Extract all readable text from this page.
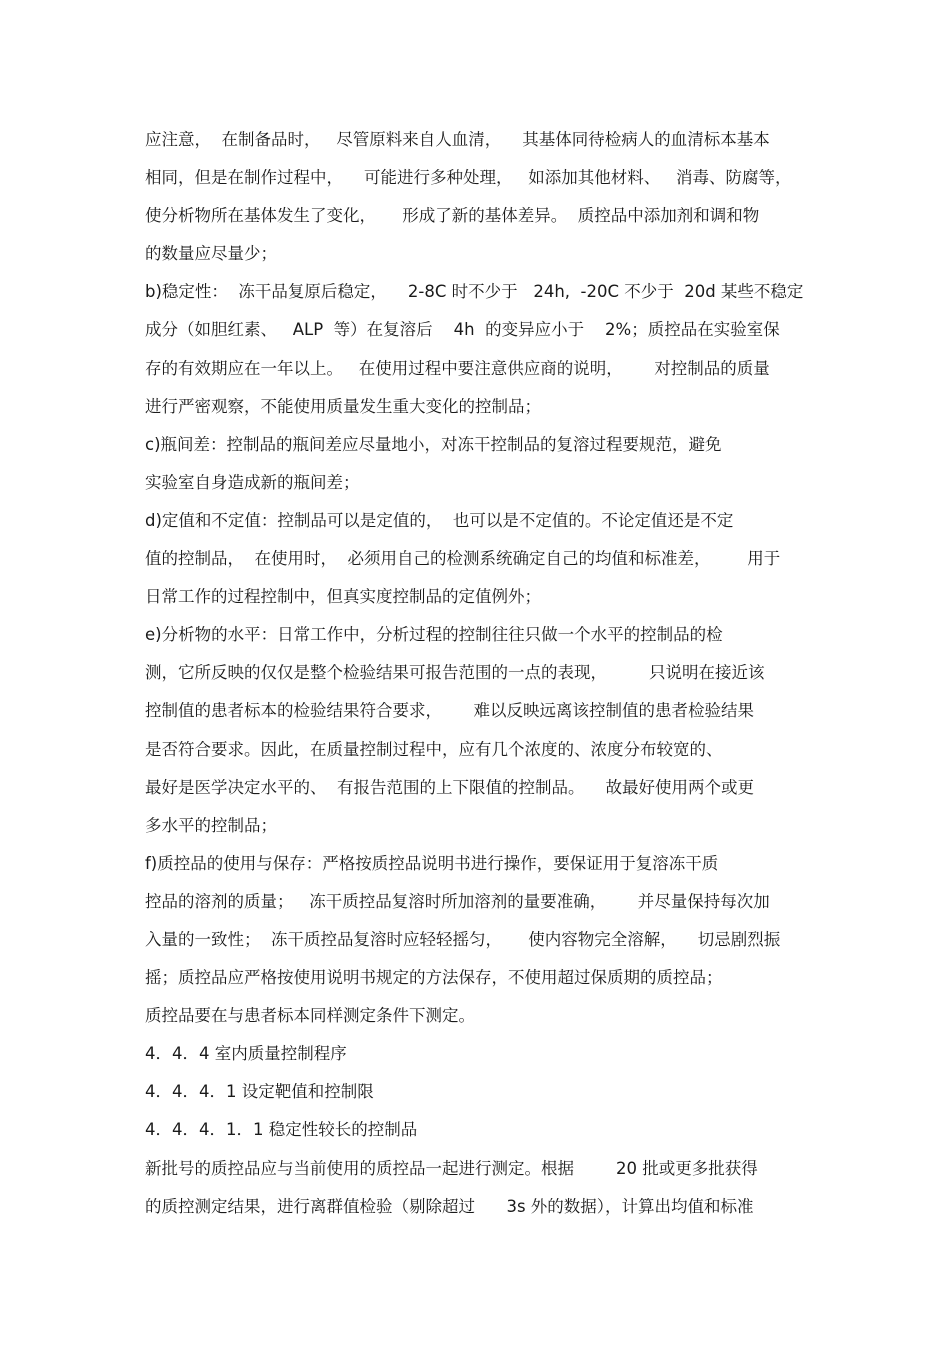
应注意，  在制备品时，   尽管原料来自人血清，    其基体同待检病人的血清标本基本
相同，但是在制作过程中，    可能进行多种处理，   如添加其他材料、   消毒、防腐等，
使分析物所在基体发生了变化，     形成了新的基体差异。  质控品中添加剂和调和物
的数量应尽量少；
b)稳定性：  冻干品复原后稳定，    2-8C 时不少于   24h,  -20C 不少于  20d 某些不稳定
成分（如胆红素、   ALP  等）在复溶后    4h  的变异应小于    2%；质控品在实验室保
存的有效期应在一年以上。   在使用过程中要注意供应商的说明，      对控制品的质量
进行严密观察，不能使用质量发生重大变化的控制品；
c)瓶间差：控制品的瓶间差应尽量地小，对冻干控制品的复溶过程要规范，避免
实验室自身造成新的瓶间差；
d)定值和不定值：控制品可以是定值的，  也可以是不定值的。不论定值还是不定
值的控制品，  在使用时，  必须用自己的检测系统确定自己的均值和标准差，       用于
日常工作的过程控制中，但真实度控制品的定值例外；
e)分析物的水平：日常工作中，分析过程的控制往往只做一个水平的控制品的检
测，它所反映的仅仅是整个检验结果可报告范围的一点的表现，        只说明在接近该
控制值的患者标本的检验结果符合要求，      难以反映远离该控制值的患者检验结果
是否符合要求。因此，在质量控制过程中，应有几个浓度的、浓度分布较宽的、
最好是医学决定水平的、  有报告范围的上下限值的控制品。    故最好使用两个或更
多水平的控制品；
f)质控品的使用与保存：严格按质控品说明书进行操作，要保证用于复溶冻干质
控品的溶剂的质量；   冻干质控品复溶时所加溶剂的量要准确，      并尽量保持每次加
入量的一致性；  冻干质控品复溶时应轻轻摇匀，     使内容物完全溶解，    切忌剧烈振
摇；质控品应严格按使用说明书规定的方法保存，不使用超过保质期的质控品；
质控品要在与患者标本同样测定条件下测定。
4．4．4 室内质量控制程序
4．4．4．1 设定靶值和控制限
4．4．4．1．1 稳定性较长的控制品
新批号的质控品应与当前使用的质控品一起进行测定。根据        20 批或更多批获得
的质控测定结果，进行离群值检验（剔除超过      3s 外的数据），计算出均值和标准
